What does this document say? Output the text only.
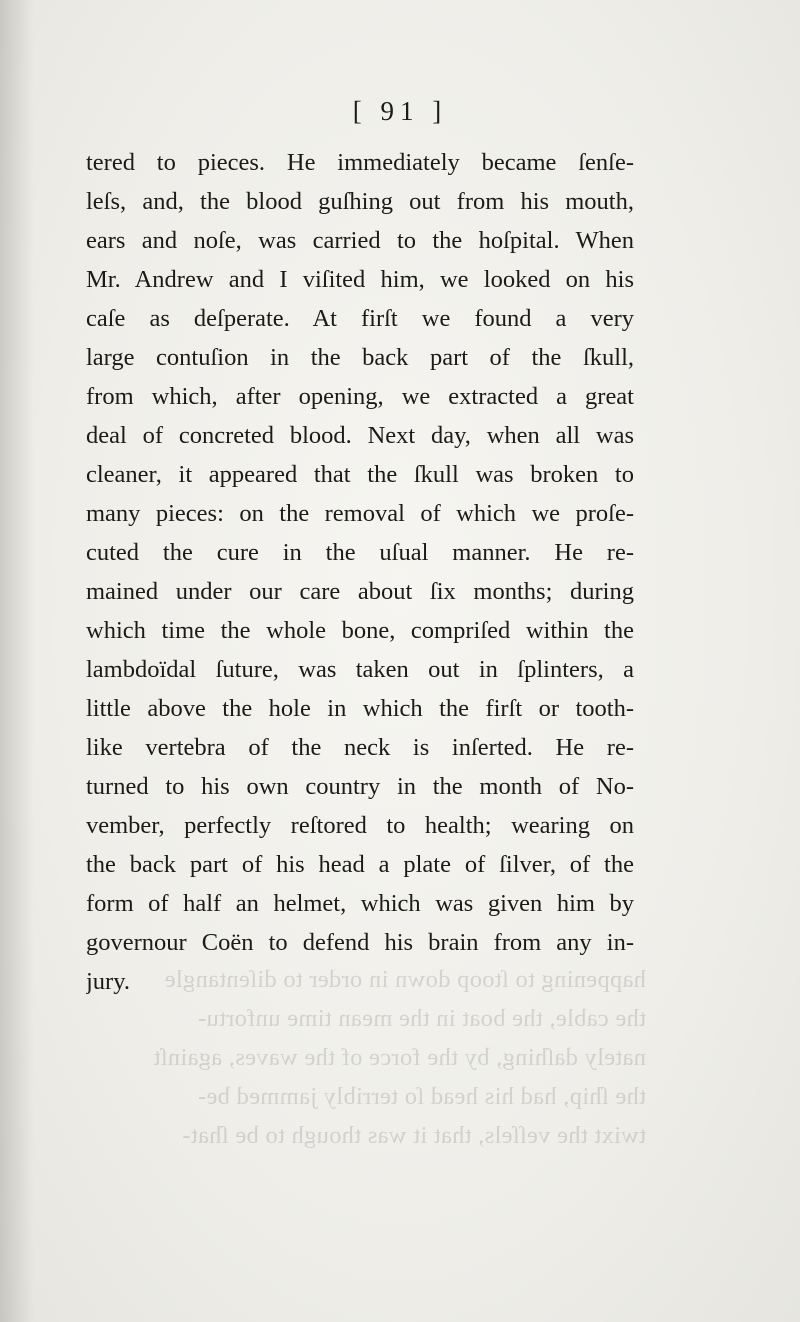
happening to ſtoop down in order to diſentangle
the cable, the boat in the mean time unfortu-
nately daſhing, by the force of the waves, againſt
the ſhip, had his head ſo terribly jammed be-
twixt the veſſels, that it was though to be ſhat-
[ 91 ]
tered to pieces. He immediately became ſenſe-
leſs, and, the blood guſhing out from his mouth,
ears and noſe, was carried to the hoſpital. When
Mr. Andrew and I viſited him, we looked on his
caſe as deſperate. At firſt we found a very
large contuſion in the back part of the ſkull,
from which, after opening, we extracted a great
deal of concreted blood. Next day, when all was
cleaner, it appeared that the ſkull was broken to
many pieces: on the removal of which we proſe-
cuted the cure in the uſual manner. He re-
mained under our care about ſix months; during
which time the whole bone, compriſed within the
lambdoïdal ſuture, was taken out in ſplinters, a
little above the hole in which the firſt or tooth-
like vertebra of the neck is inſerted. He re-
turned to his own country in the month of No-
vember, perfectly reſtored to health; wearing on
the back part of his head a plate of ſilver, of the
form of half an helmet, which was given him by
governour Coën to defend his brain from any in-
jury.
